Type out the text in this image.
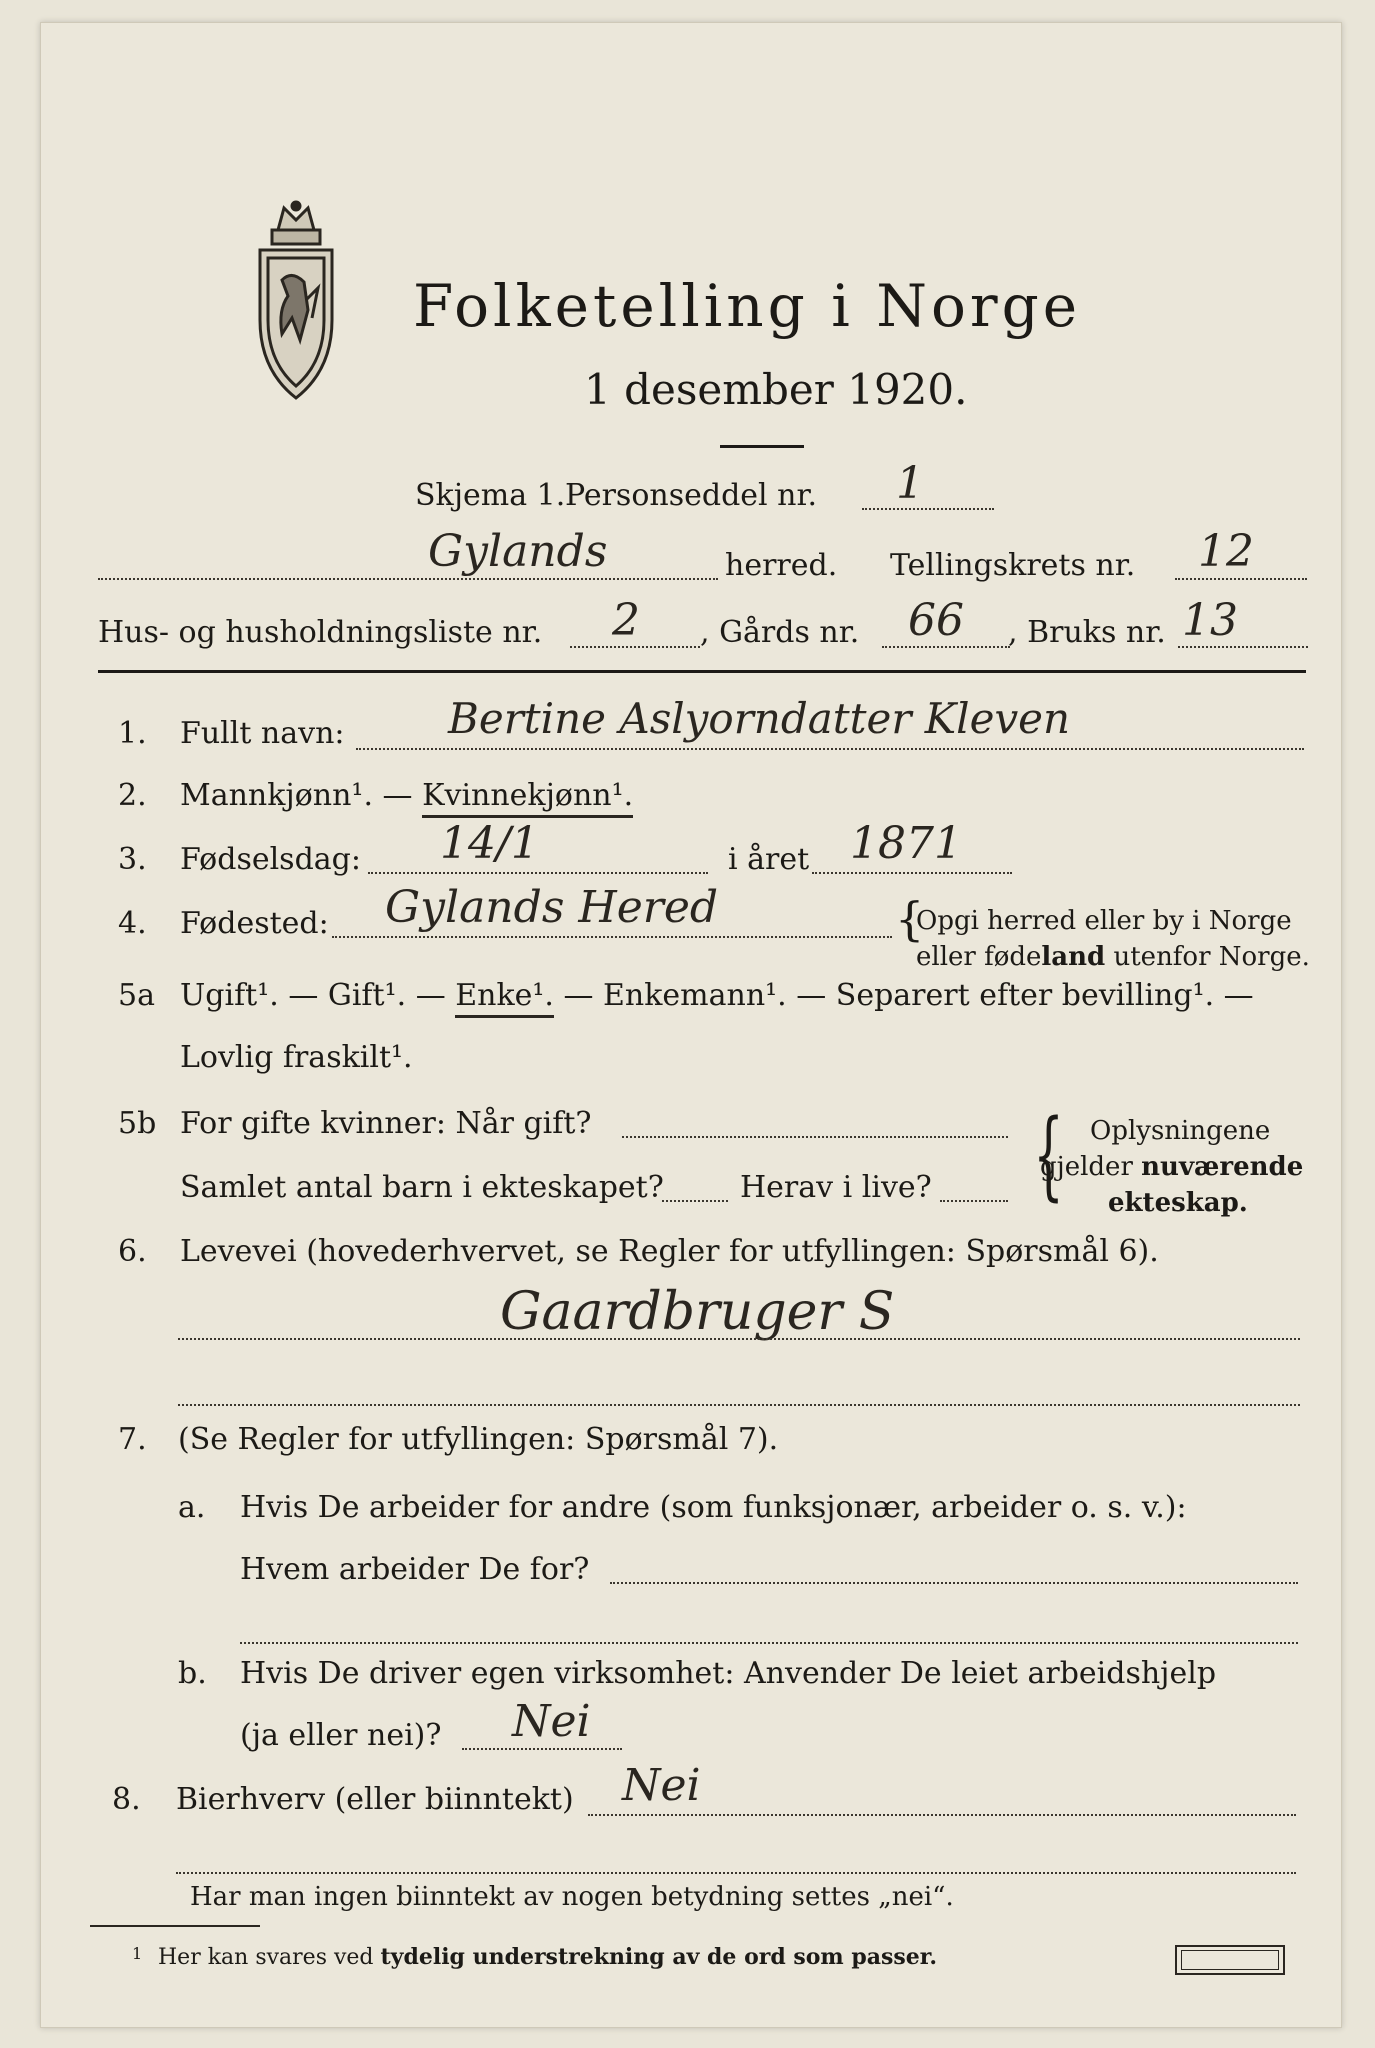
Folketelling i Norge
1 desember 1920.
Skjema 1. Personseddel nr. 1
Gylands	herred. Tellingskrets nr. 12
Hus- og husholdningsliste nr. 2 , Gårds nr. 66 , Bruks nr. 13
1. Fullt navn: Bertine Aslyorndatter Kleven
2. Mannkjønn¹. — Kvinnekjønn¹.
3. Fødselsdag: 14/1	i året 1871
4. Fødested: Gylands Hered	{
Opgi herred eller by i Norge
eller fødeland utenfor Norge.
5a Ugift¹. — Gift¹. — Enke¹. — Enkemann¹. — Separert efter bevilling¹. —
Lovlig fraskilt¹.
5b For gifte kvinner: Når gift?
Samlet antal barn i ekteskapet?	Herav i live? { Oplysningene
gjelder nuværende
ekteskap.
6. Levevei (hovederhvervet, se Regler for utfyllingen: Spørsmål 6).
Gaardbruger S
7. (Se Regler for utfyllingen: Spørsmål 7).
a. Hvis De arbeider for andre (som funksjonær, arbeider o. s. v.):
Hvem arbeider De for?
b. Hvis De driver egen virksomhet: Anvender De leiet arbeidshjelp
(ja eller nei)? Nei
8. Bierhverv (eller biinntekt) Nei
Har man ingen biinntekt av nogen betydning settes „nei“.
1 Her kan svares ved tydelig understrekning av de ord som passer.
